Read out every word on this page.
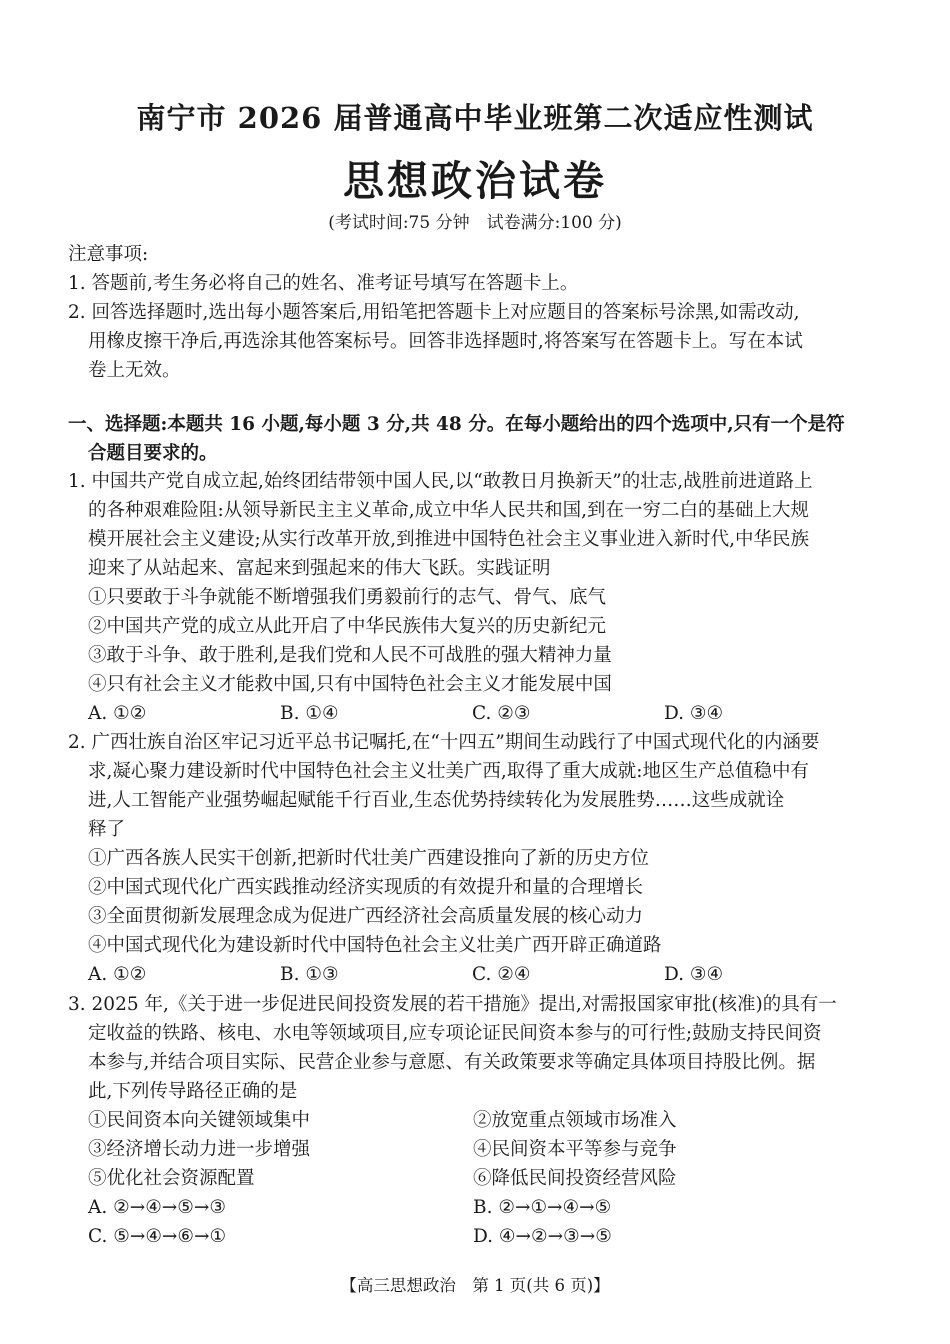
南宁市 2026 届普通高中毕业班第二次适应性测试
思想政治试卷
(考试时间:75 分钟　试卷满分:100 分)
注意事项:
1. 答题前,考生务必将自己的姓名、准考证号填写在答题卡上。
2. 回答选择题时,选出每小题答案后,用铅笔把答题卡上对应题目的答案标号涂黑,如需改动,
用橡皮擦干净后,再选涂其他答案标号。回答非选择题时,将答案写在答题卡上。写在本试
卷上无效。
一、选择题:本题共 16 小题,每小题 3 分,共 48 分。在每小题给出的四个选项中,只有一个是符
合题目要求的。
1. 中国共产党自成立起,始终团结带领中国人民,以“敢教日月换新天”的壮志,战胜前进道路上
的各种艰难险阻:从领导新民主主义革命,成立中华人民共和国,到在一穷二白的基础上大规
模开展社会主义建设;从实行改革开放,到推进中国特色社会主义事业进入新时代,中华民族
迎来了从站起来、富起来到强起来的伟大飞跃。实践证明
①只要敢于斗争就能不断增强我们勇毅前行的志气、骨气、底气
②中国共产党的成立从此开启了中华民族伟大复兴的历史新纪元
③敢于斗争、敢于胜利,是我们党和人民不可战胜的强大精神力量
④只有社会主义才能救中国,只有中国特色社会主义才能发展中国
A. ①②	B. ①④	C. ②③	D. ③④
2. 广西壮族自治区牢记习近平总书记嘱托,在“十四五”期间生动践行了中国式现代化的内涵要
求,凝心聚力建设新时代中国特色社会主义壮美广西,取得了重大成就:地区生产总值稳中有
进,人工智能产业强势崛起赋能千行百业,生态优势持续转化为发展胜势……这些成就诠
释了
①广西各族人民实干创新,把新时代壮美广西建设推向了新的历史方位
②中国式现代化广西实践推动经济实现质的有效提升和量的合理增长
③全面贯彻新发展理念成为促进广西经济社会高质量发展的核心动力
④中国式现代化为建设新时代中国特色社会主义壮美广西开辟正确道路
A. ①②	B. ①③	C. ②④	D. ③④
3. 2025 年,《关于进一步促进民间投资发展的若干措施》提出,对需报国家审批(核准)的具有一
定收益的铁路、核电、水电等领域项目,应专项论证民间资本参与的可行性;鼓励支持民间资
本参与,并结合项目实际、民营企业参与意愿、有关政策要求等确定具体项目持股比例。据
此,下列传导路径正确的是
①民间资本向关键领域集中	②放宽重点领域市场准入
③经济增长动力进一步增强	④民间资本平等参与竞争
⑤优化社会资源配置	⑥降低民间投资经营风险
A. ②→④→⑤→③	B. ②→①→④→⑤
C. ⑤→④→⑥→①	D. ④→②→③→⑤
【高三思想政治　第 1 页(共 6 页)】
